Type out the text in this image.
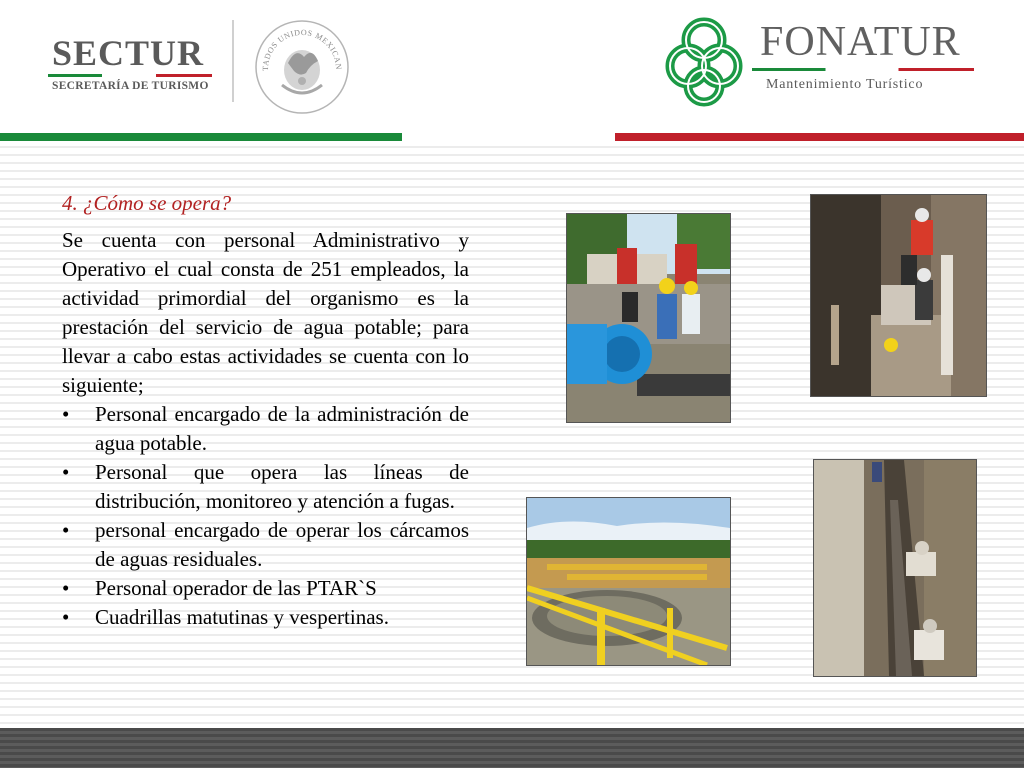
SECTUR
SECRETARÍA DE TURISMO
TADOS UNIDOS MEXICAN
FONATUR
Mantenimiento Turístico
4. ¿Cómo se opera?

Se cuenta con personal Administrativo y Operativo el cual consta de 251 empleados, la actividad primordial del organismo es la prestación del servicio de agua potable; para llevar a cabo estas actividades se cuenta con lo siguiente;

• Personal encargado de la administración de agua potable.
• Personal que opera las líneas de distribución, monitoreo y atención a fugas.
• personal encargado de operar los cárcamos de aguas residuales.
• Personal operador de las PTAR`S
• Cuadrillas matutinas y vespertinas.
